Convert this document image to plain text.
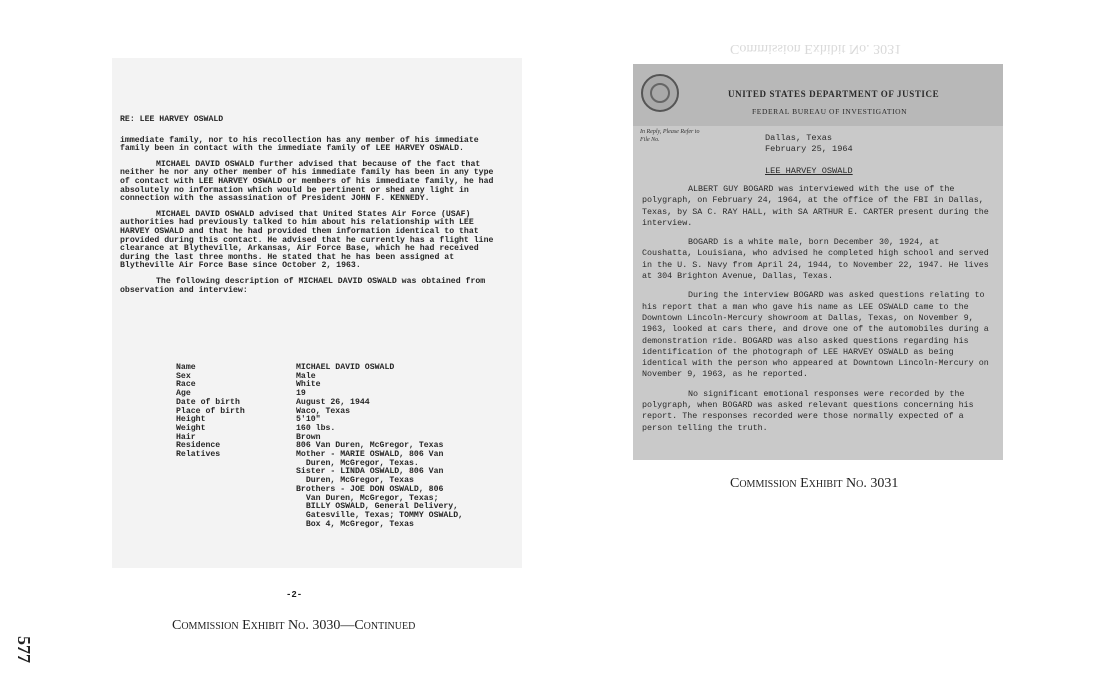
Commission Exhibit No. 3031

RE: LEE HARVEY OSWALD

immediate family, nor to his recollection has any member of his immediate family been in contact with the immediate family of LEE HARVEY OSWALD.

MICHAEL DAVID OSWALD further advised that because of the fact that neither he nor any other member of his immediate family has been in any type of contact with LEE HARVEY OSWALD or members of his immediate family, he had absolutely no information which would be pertinent or shed any light in connection with the assassination of President JOHN F. KENNEDY.

MICHAEL DAVID OSWALD advised that United States Air Force (USAF) authorities had previously talked to him about his relationship with LEE HARVEY OSWALD and that he had provided them information identical to that provided during this contact. He advised that he currently has a flight line clearance at Blytheville, Arkansas, Air Force Base, which he had received during the last three months. He stated that he has been assigned at Blytheville Air Force Base since October 2, 1963.

The following description of MICHAEL DAVID OSWALD was obtained from observation and interview:

Name	MICHAEL DAVID OSWALD
Sex	Male
Race	White
Age	19
Date of birth	August 26, 1944
Place of birth	Waco, Texas
Height	5'10"
Weight	160 lbs.
Hair	Brown
Residence	806 Van Duren, McGregor, Texas
Relatives	Mother - MARIE OSWALD, 806 Van
Duren, McGregor, Texas.
Sister - LINDA OSWALD, 806 Van
Duren, McGregor, Texas
Brothers - JOE DON OSWALD, 806
Van Duren, McGregor, Texas;
BILLY OSWALD, General Delivery,
Gatesville, Texas; TOMMY OSWALD,
Box 4, McGregor, Texas
-2-
Commission Exhibit No. 3030—Continued
577
UNITED STATES DEPARTMENT OF JUSTICE
FEDERAL BUREAU OF INVESTIGATION
In Reply, Please Refer to
File No.	Dallas, Texas
February 25, 1964
LEE HARVEY OSWALD

ALBERT GUY BOGARD was interviewed with the use of the polygraph, on February 24, 1964, at the office of the FBI in Dallas, Texas, by SA C. RAY HALL, with SA ARTHUR E. CARTER present during the interview.

BOGARD is a white male, born December 30, 1924, at Coushatta, Louisiana, who advised he completed high school and served in the U. S. Navy from April 24, 1944, to November 22, 1947. He lives at 304 Brighton Avenue, Dallas, Texas.

During the interview BOGARD was asked questions relating to his report that a man who gave his name as LEE OSWALD came to the Downtown Lincoln-Mercury showroom at Dallas, Texas, on November 9, 1963, looked at cars there, and drove one of the automobiles during a demonstration ride. BOGARD was also asked questions regarding his identification of the photograph of LEE HARVEY OSWALD as being identical with the person who appeared at Downtown Lincoln-Mercury on November 9, 1963, as he reported.

No significant emotional responses were recorded by the polygraph, when BOGARD was asked relevant questions concerning his report. The responses recorded were those normally expected of a person telling the truth.

Commission Exhibit No. 3031
